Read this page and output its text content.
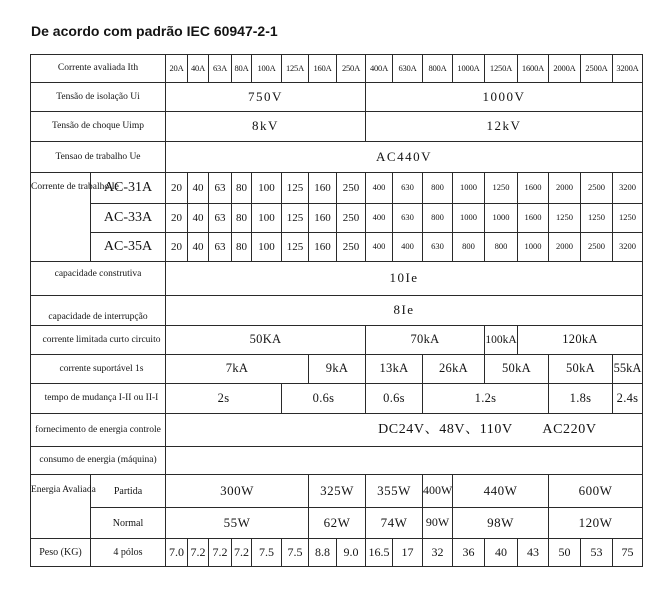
De acordo com padrão IEC 60947-2-1
Corrente avaliada Ith		20A	40A	63A	80A	100A	125A	160A	250A	400A	630A	800A	1000A	1250A	1600A	2000A	2500A	3200A
Tensão de isolação Ui		750V								1000V								
Tensão de choque Uimp		8kV								12kV								
Tensao de trabalho Ue		AC440V																
Corrente de trabalho Ie	AC-31A	20	40	63	80	100	125	160	250	400	630	800	1000	1250	1600	2000	2500	3200
	AC-33A	20	40	63	80	100	125	160	250	400	630	800	1000	1000	1600	1250	1250	1250
	AC-35A	20	40	63	80	100	125	160	250	400	400	630	800	800	1000	2000	2500	3200
capacidade construtiva		10Ie																
capacidade de interrupção		8Ie																
corrente limitada curto circuito		50KA								70kA				100kA	120kA			
corrente suportável 1s		7kA						9kA		13kA		26kA		50kA		50kA		55kA
tempo de mudança I-II ou II-I		2s					0.6s			0.6s		1.2s				1.8s		2.4s
fornecimento de energia controle		DC24V、48V、110V AC220V																
consumo de energia (máquina)																		
Energia Avaliada	Partida	300W						325W		355W		400W	440W			600W		
	Normal	55W						62W		74W		90W	98W			120W		
Peso (KG)	4 pólos	7.0	7.2	7.2	7.2	7.5	7.5	8.8	9.0	16.5	17	32	36	40	43	50	53	75
